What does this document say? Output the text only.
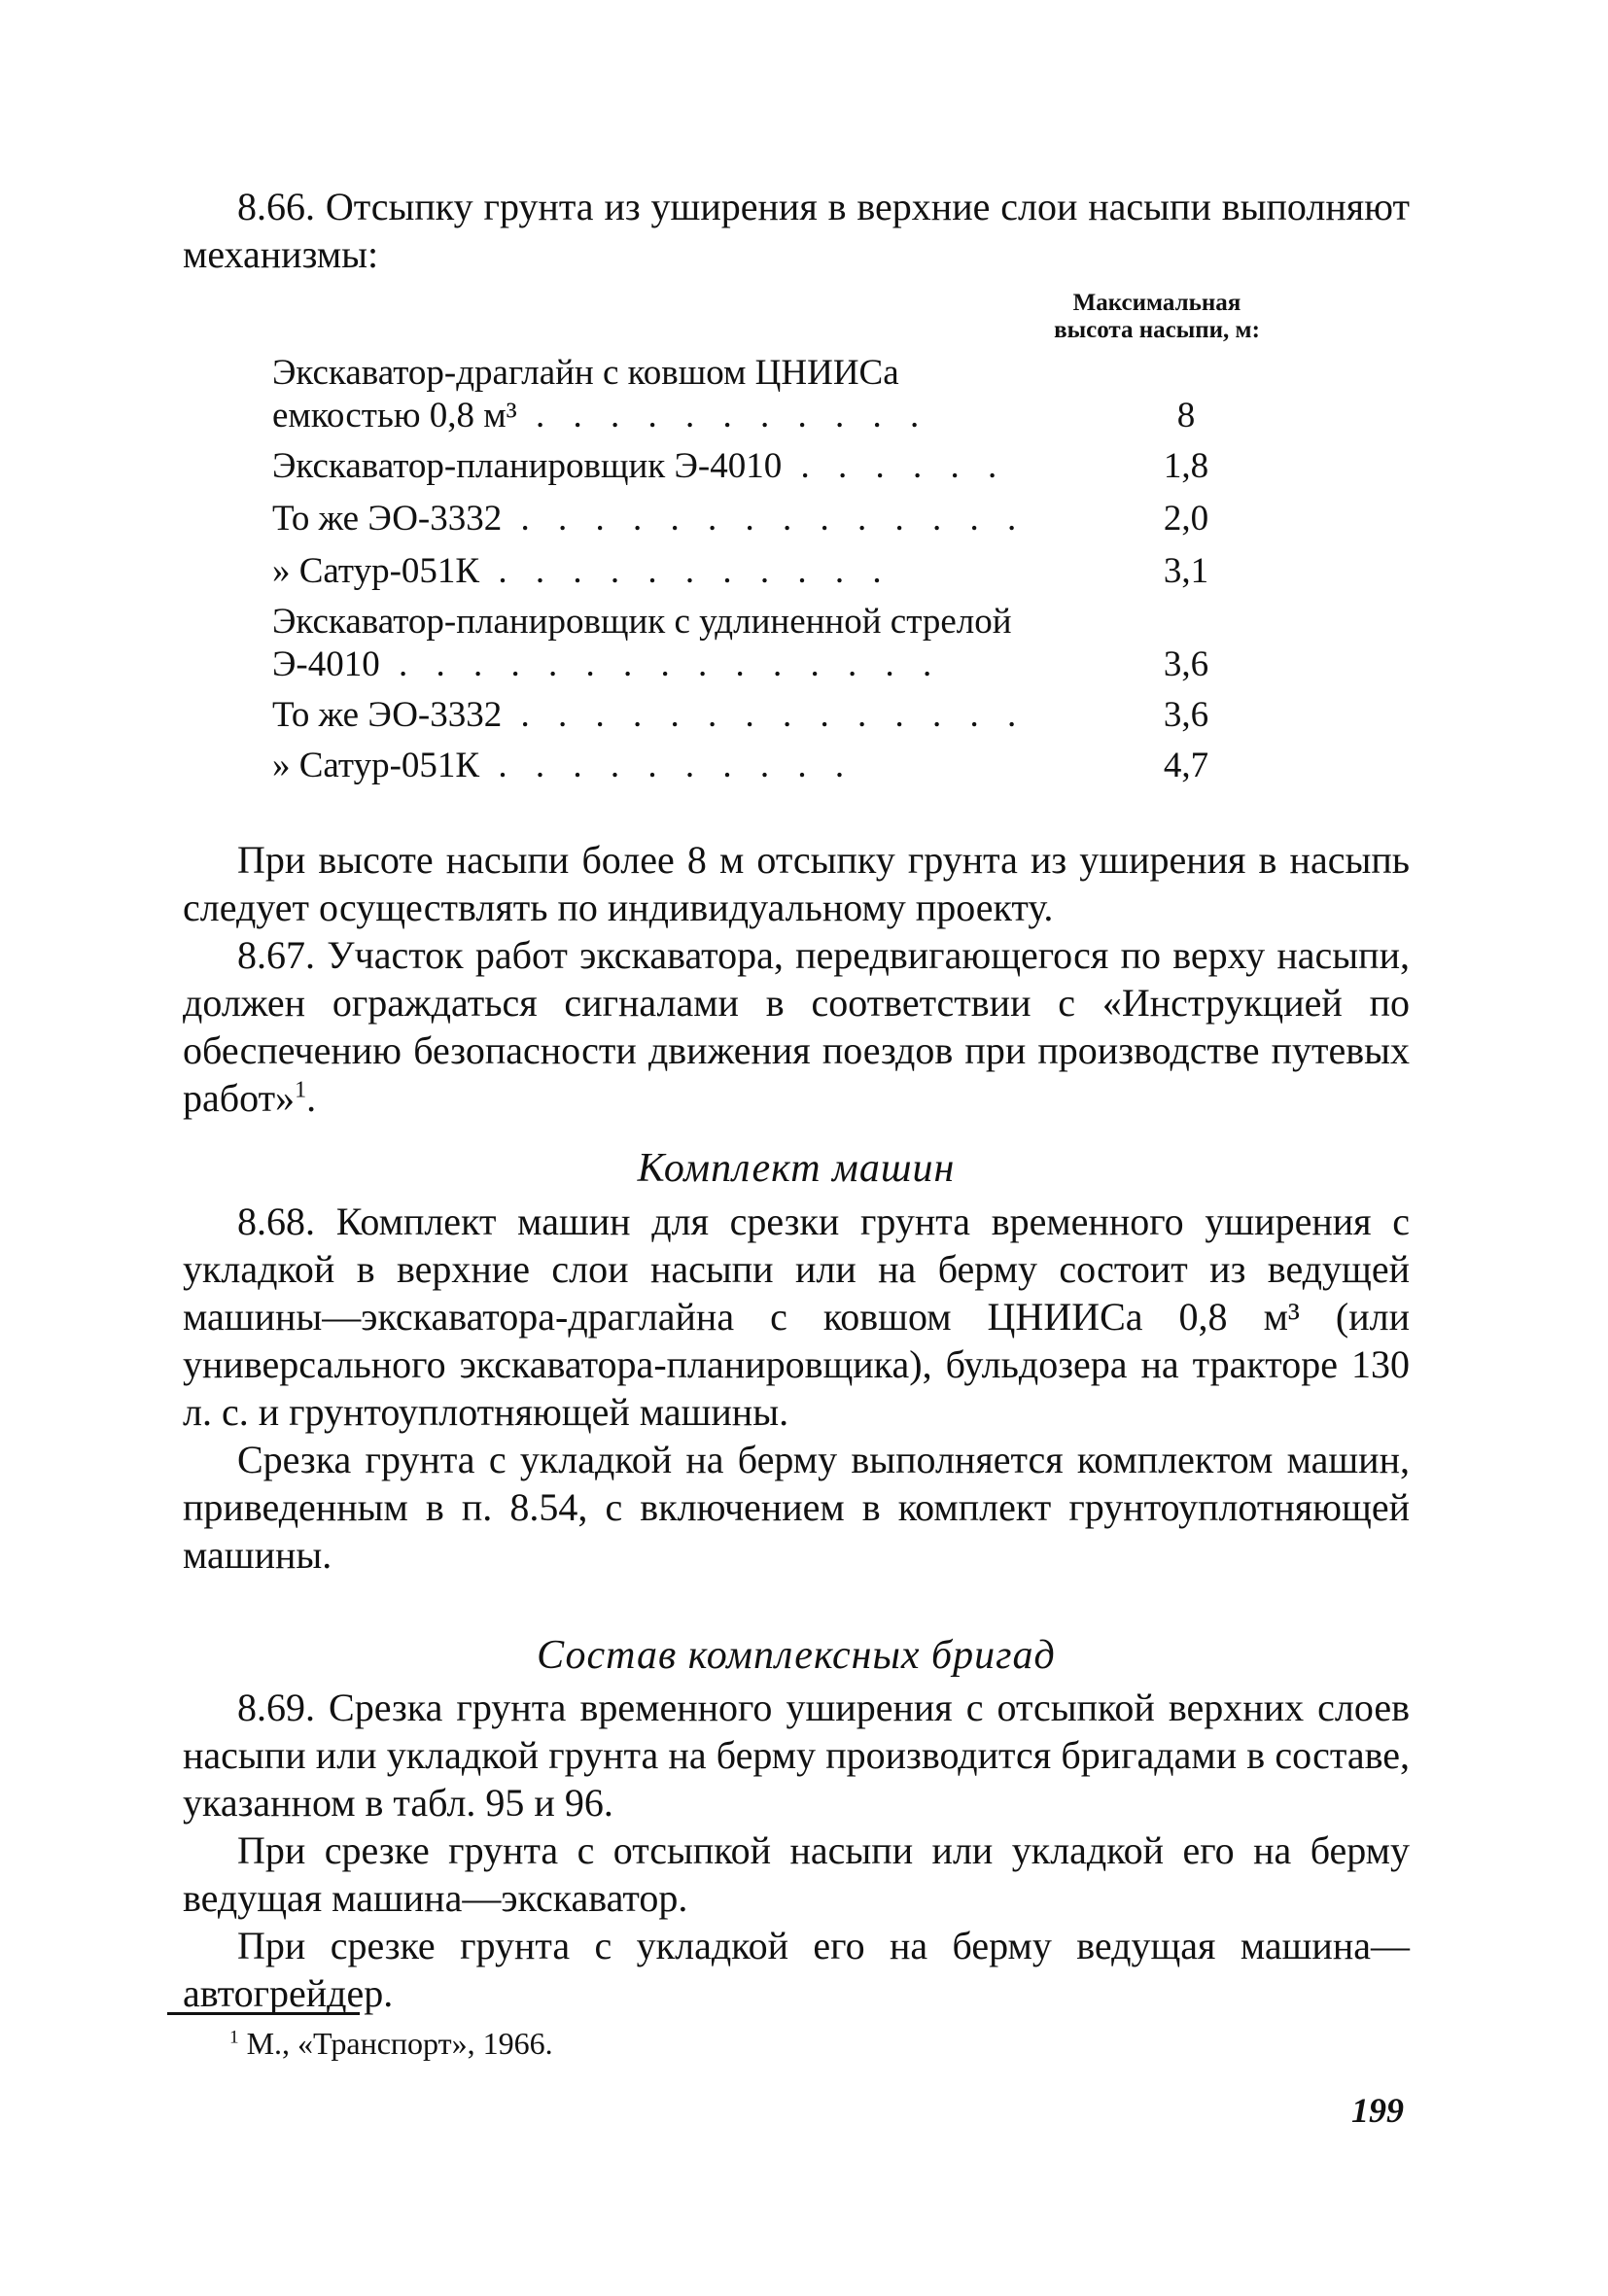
8.66. Отсыпку грунта из уширения в верхние слои насыпи выполняют механизмы:

Максимальная
высота насыпи, м:
Экскаватор-драглайн с ковшом ЦНИИСа
емкостью 0,8 м³ . . . . . . . . . . .	8
Экскаватор-планировщик Э-4010 . . . . . .	1,8
То же ЭО-3332 . . . . . . . . . . . . . .	2,0
» Сатур-051К . . . . . . . . . . .	3,1
Экскаватор-планировщик с удлиненной стрелой
Э-4010 . . . . . . . . . . . . . . .	3,6
То же ЭО-3332 . . . . . . . . . . . . . .	3,6
» Сатур-051К . . . . . . . . . .	4,7

При высоте насыпи более 8 м отсыпку грунта из уширения в насыпь следует осуществлять по индивидуальному проекту.

8.67. Участок работ экскаватора, передвигающегося по верху насыпи, должен ограждаться сигналами в соответствии с «Инструкцией по обеспечению безопасности движения поездов при производстве путевых работ»$^1$.

Комплект машин

8.68. Комплект машин для срезки грунта временного уширения с укладкой в верхние слои насыпи или на берму состоит из ведущей машины—экскаватора-драглайна с ковшом ЦНИИСа 0,8 м³ (или универсального экскаватора-планировщика), бульдозера на тракторе 130 л. с. и грунтоуплотняющей машины.

Срезка грунта с укладкой на берму выполняется комплектом машин, приведенным в п. 8.54, с включением в комплект грунтоуплотняющей машины.

Состав комплексных бригад

8.69. Срезка грунта временного уширения с отсыпкой верхних слоев насыпи или укладкой грунта на берму производится бригадами в составе, указанном в табл. 95 и 96.

При срезке грунта с отсыпкой насыпи или укладкой его на берму ведущая машина—экскаватор.

При срезке грунта с укладкой его на берму ведущая машина—автогрейдер.

$^1$ М., «Транспорт», 1966.
199
